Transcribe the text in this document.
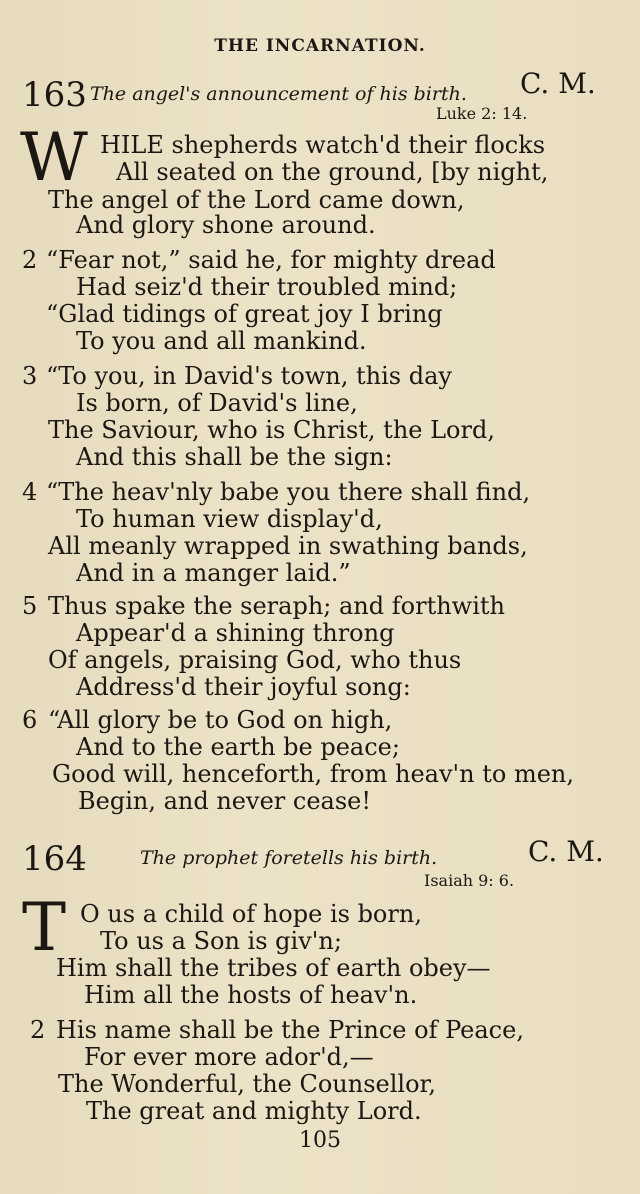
THE INCARNATION.
163 The angel's announcement of his birth. C. M.
Luke 2: 14.
W HILE shepherds watch'd their flocks
All seated on the ground, [by night,
The angel of the Lord came down,
And glory shone around.
2 “Fear not,” said he, for mighty dread
Had seiz'd their troubled mind;
“Glad tidings of great joy I bring
To you and all mankind.
3 “To you, in David's town, this day
Is born, of David's line,
The Saviour, who is Christ, the Lord,
And this shall be the sign:
4 “The heav'nly babe you there shall find,
To human view display'd,
All meanly wrapped in swathing bands,
And in a manger laid.”
5 Thus spake the seraph; and forthwith
Appear'd a shining throng
Of angels, praising God, who thus
Address'd their joyful song:
6 “All glory be to God on high,
And to the earth be peace;
Good will, henceforth, from heav'n to men,
Begin, and never cease!
164	The prophet foretells his birth.	C. M.
Isaiah 9: 6.
T O us a child of hope is born,
To us a Son is giv'n;
Him shall the tribes of earth obey—
Him all the hosts of heav'n.
2 His name shall be the Prince of Peace,
For ever more ador'd,—
The Wonderful, the Counsellor,
The great and mighty Lord.
105
